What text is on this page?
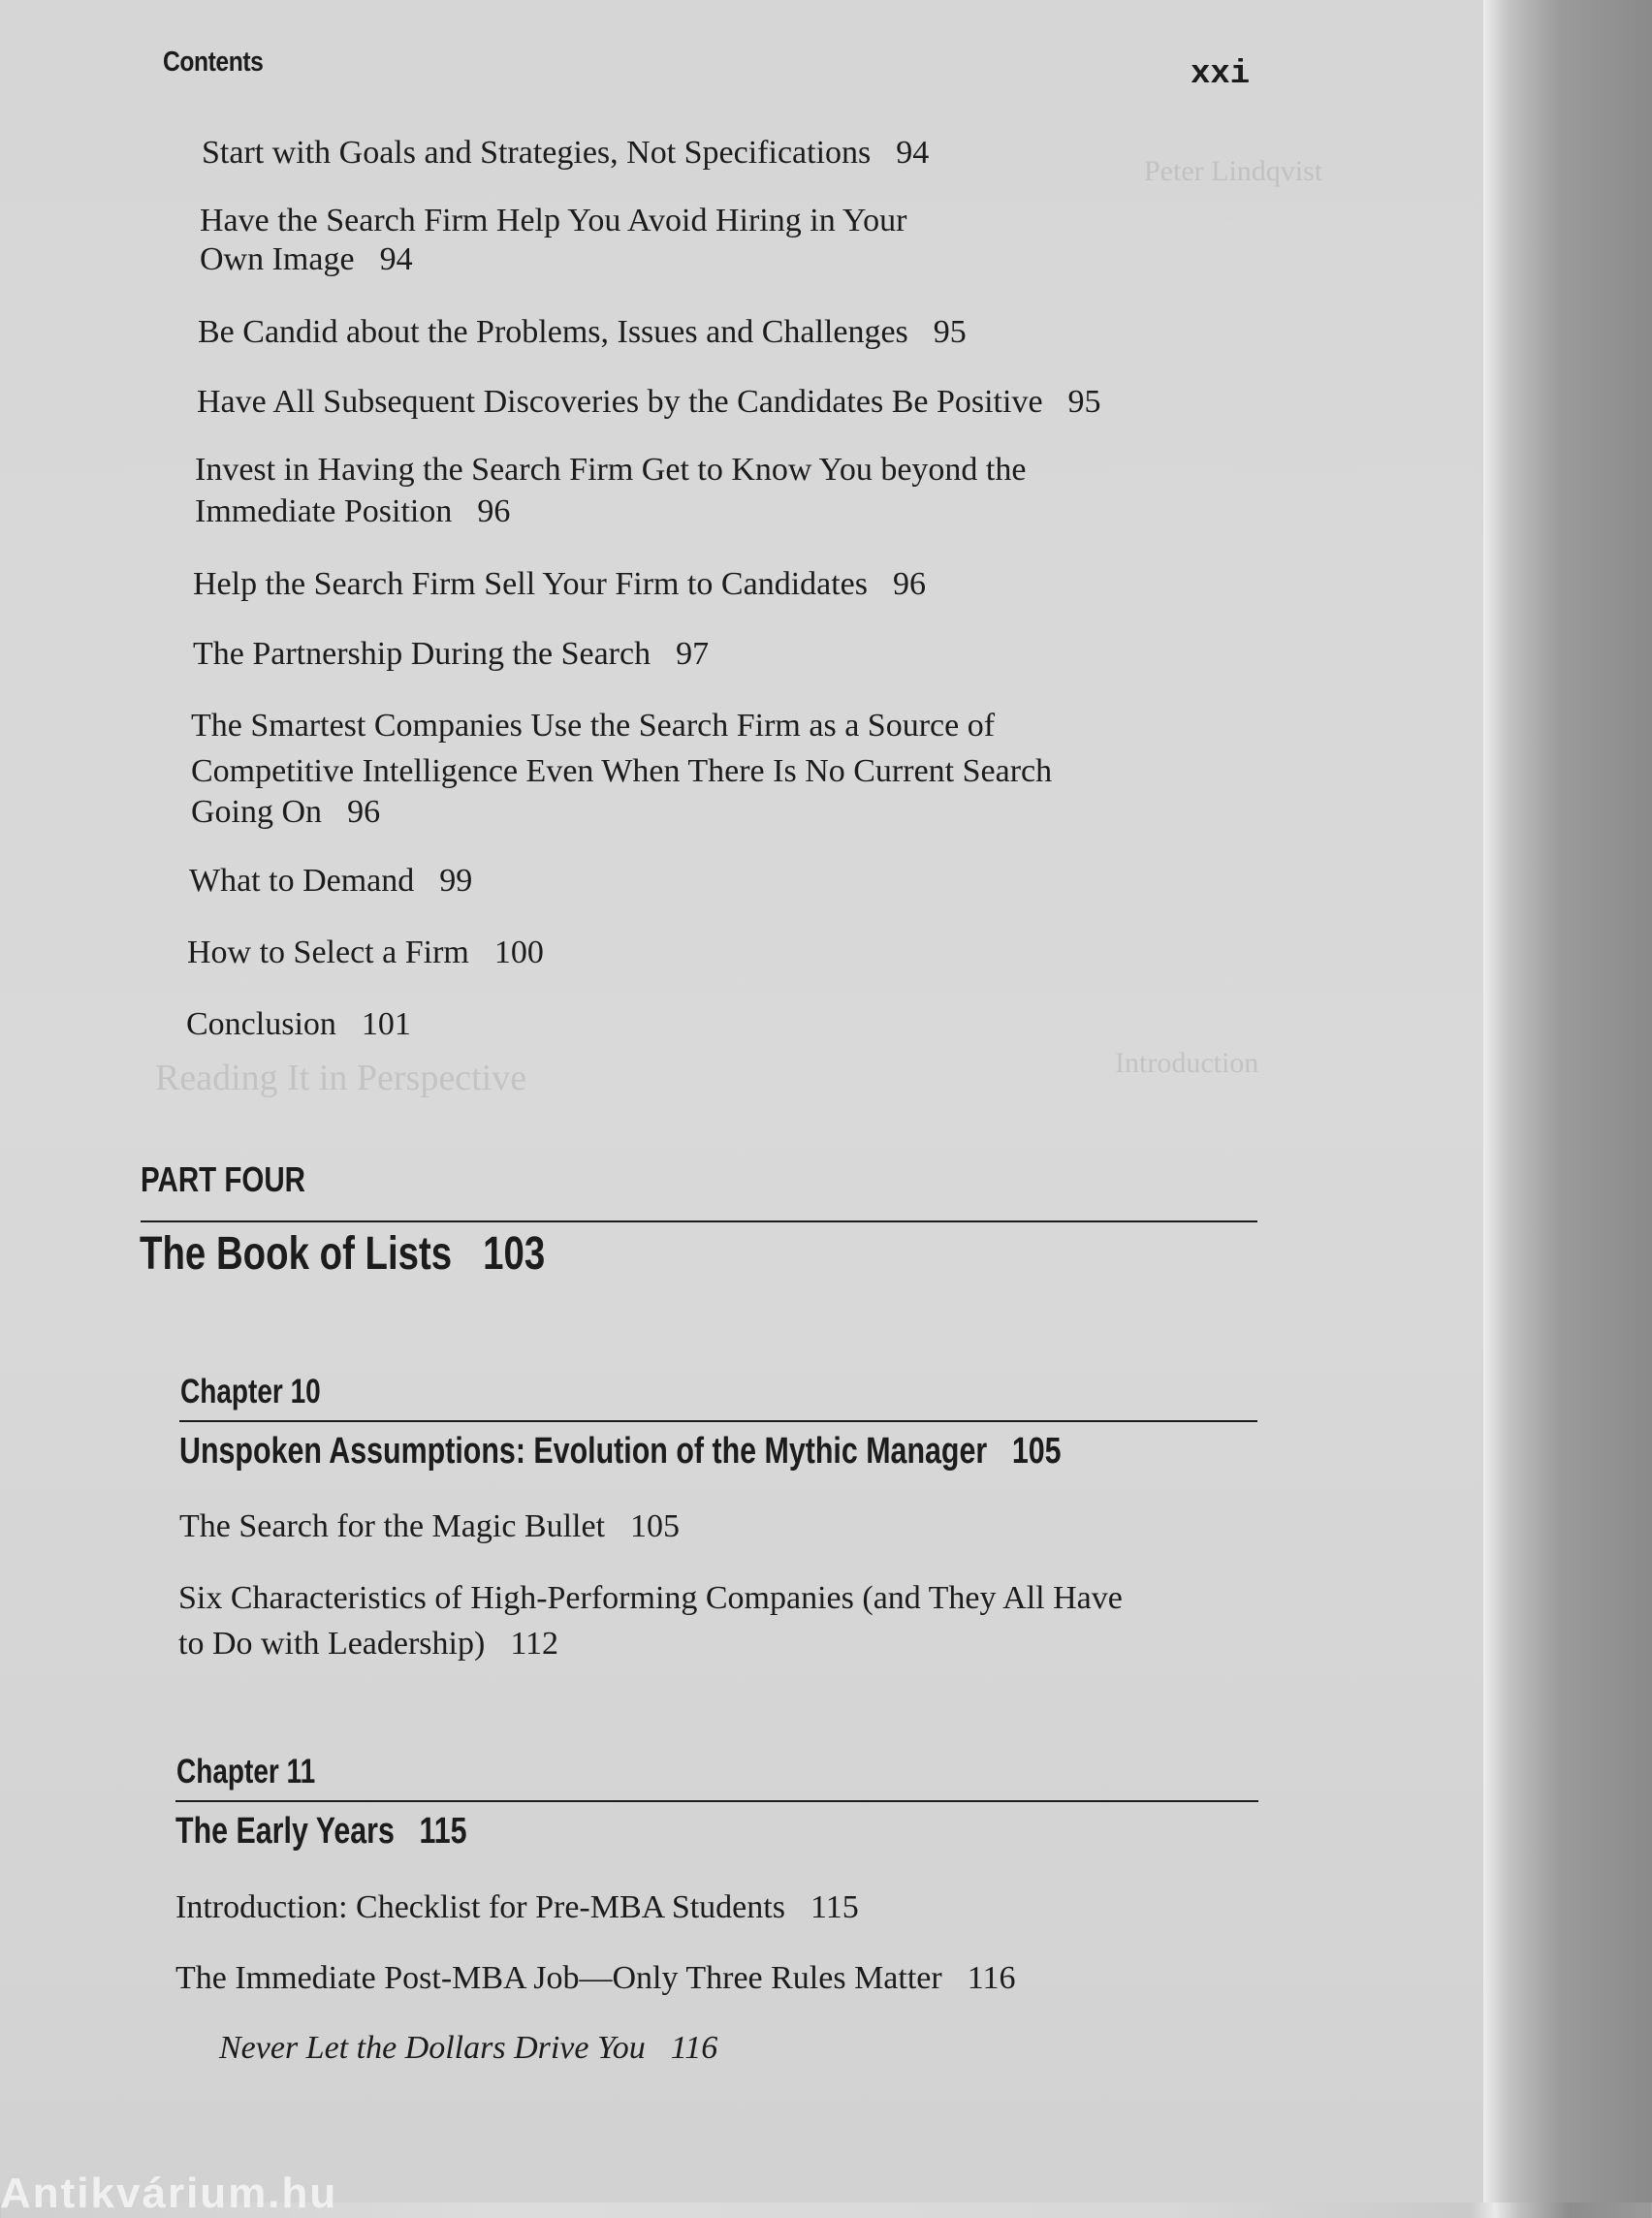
Peter Lindqvist
Introduction
Reading It in Perspective
Contents	xxi
Start with Goals and Strategies, Not Specifications 94
Have the Search Firm Help You Avoid Hiring in Your
Own Image 94
Be Candid about the Problems, Issues and Challenges 95
Have All Subsequent Discoveries by the Candidates Be Positive 95
Invest in Having the Search Firm Get to Know You beyond the
Immediate Position 96
Help the Search Firm Sell Your Firm to Candidates 96
The Partnership During the Search 97
The Smartest Companies Use the Search Firm as a Source of
Competitive Intelligence Even When There Is No Current Search
Going On 96
What to Demand 99
How to Select a Firm 100
Conclusion 101
PART FOUR
The Book of Lists 103
Chapter 10
Unspoken Assumptions: Evolution of the Mythic Manager 105
The Search for the Magic Bullet 105
Six Characteristics of High-Performing Companies (and They All Have
to Do with Leadership) 112
Chapter 11
The Early Years 115
Introduction: Checklist for Pre-MBA Students 115
The Immediate Post-MBA Job—Only Three Rules Matter 116
Never Let the Dollars Drive You 116
Antikvárium.hu
